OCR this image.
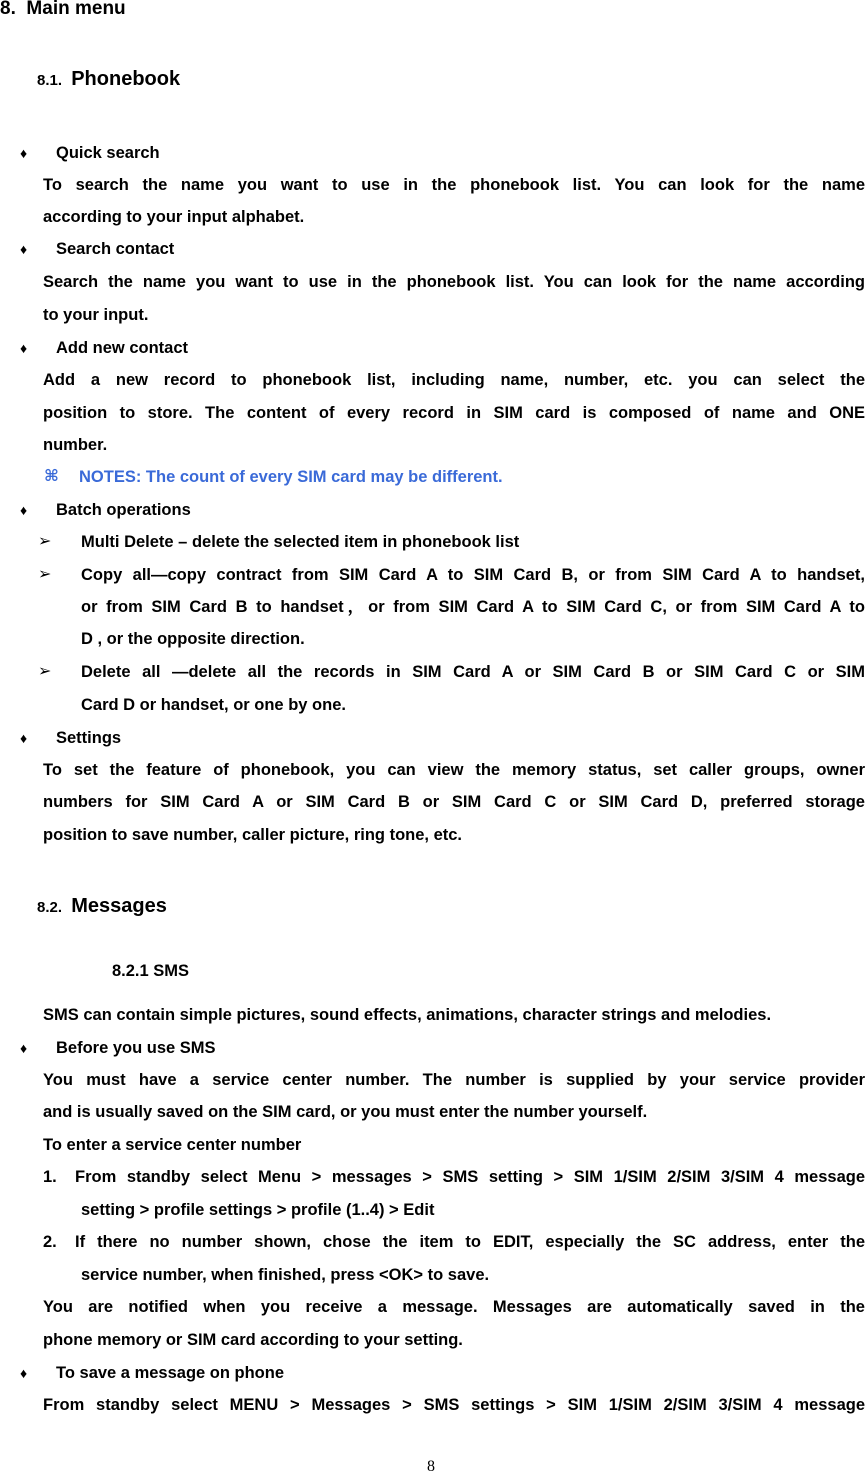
8. Main menu
8.1. Phonebook
♦ Quick search
To search the name you want to use in the phonebook list. You can look for the name
according to your input alphabet.
♦ Search contact
Search the name you want to use in the phonebook list. You can look for the name according
to your input.
♦ Add new contact
Add a new record to phonebook list, including name, number, etc. you can select the
position to store. The content of every record in SIM card is composed of name and ONE
number.
⌘ NOTES: The count of every SIM card may be different.
♦ Batch operations
➢ Multi Delete – delete the selected item in phonebook list
➢ Copy all—copy contract from SIM Card A to SIM Card B, or from SIM Card A to handset,
or from SIM Card B to handset，or from SIM Card A to SIM Card C, or from SIM Card A to
D , or the opposite direction.
➢ Delete all —delete all the records in SIM Card A or SIM Card B or SIM Card C or SIM
Card D or handset, or one by one.
♦ Settings
To set the feature of phonebook, you can view the memory status, set caller groups, owner
numbers for SIM Card A or SIM Card B or SIM Card C or SIM Card D, preferred storage
position to save number, caller picture, ring tone, etc.
8.2. Messages
8.2.1 SMS
SMS can contain simple pictures, sound effects, animations, character strings and melodies.
♦ Before you use SMS
You must have a service center number. The number is supplied by your service provider
and is usually saved on the SIM card, or you must enter the number yourself.
To enter a service center number
1. From standby select Menu > messages > SMS setting > SIM 1/SIM 2/SIM 3/SIM 4 message
setting > profile settings > profile (1..4) > Edit
2. If there no number shown, chose the item to EDIT, especially the SC address, enter the
service number, when finished, press <OK> to save.
You are notified when you receive a message. Messages are automatically saved in the
phone memory or SIM card according to your setting.
♦ To save a message on phone
From standby select MENU > Messages > SMS settings > SIM 1/SIM 2/SIM 3/SIM 4 message
8
